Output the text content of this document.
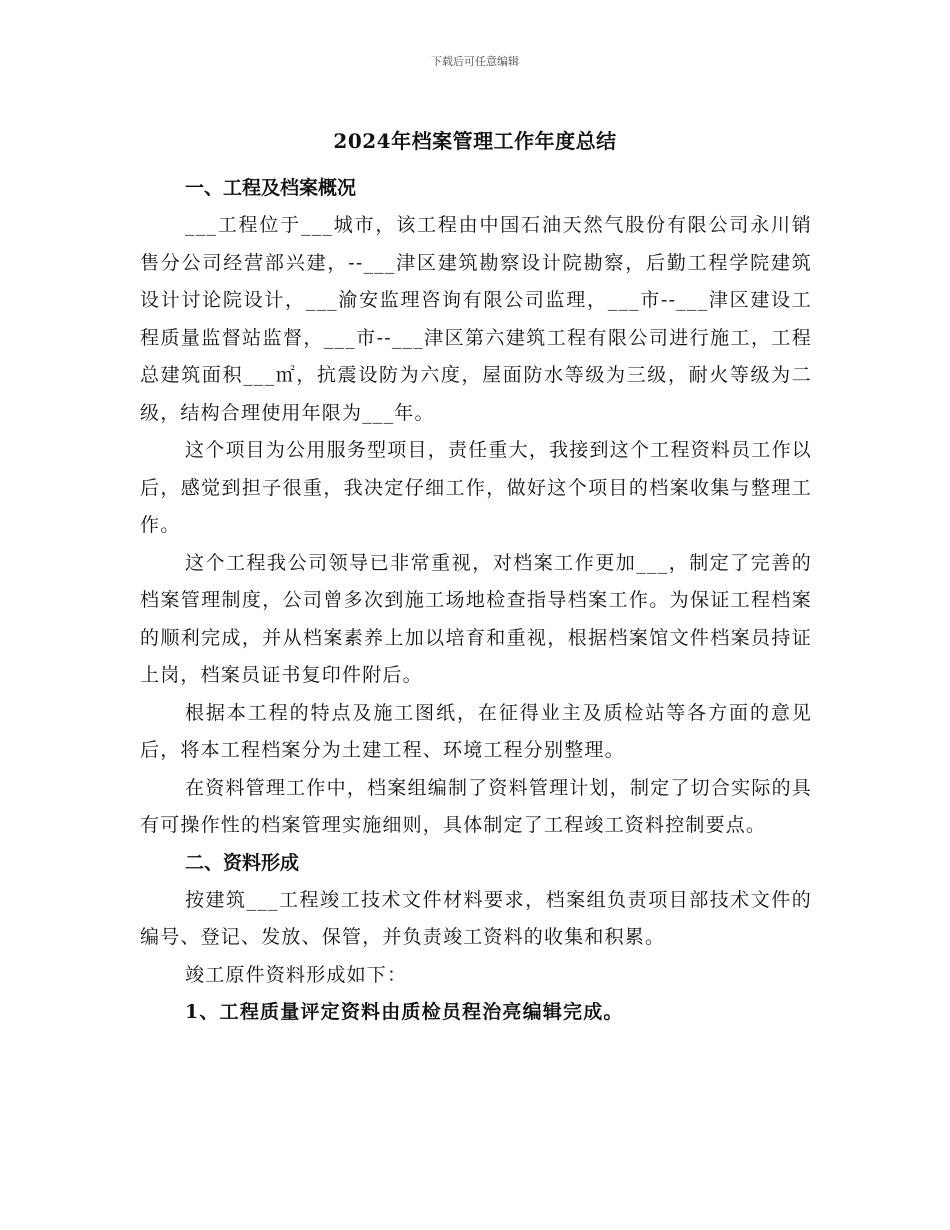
下载后可任意编辑
2024年档案管理工作年度总结
一、工程及档案概况

___工程位于___城市，该工程由中国石油天然气股份有限公司永川销售分公司经营部兴建，--___津区建筑勘察设计院勘察，后勤工程学院建筑设计讨论院设计，___渝安监理咨询有限公司监理，___市--___津区建设工程质量监督站监督，___市--___津区第六建筑工程有限公司进行施工，工程总建筑面积___㎡，抗震设防为六度，屋面防水等级为三级，耐火等级为二级，结构合理使用年限为___年。

这个项目为公用服务型项目，责任重大，我接到这个工程资料员工作以后，感觉到担子很重，我决定仔细工作，做好这个项目的档案收集与整理工作。

这个工程我公司领导已非常重视，对档案工作更加___，制定了完善的档案管理制度，公司曾多次到施工场地检查指导档案工作。为保证工程档案的顺利完成，并从档案素养上加以培育和重视，根据档案馆文件档案员持证上岗，档案员证书复印件附后。

根据本工程的特点及施工图纸，在征得业主及质检站等各方面的意见后，将本工程档案分为土建工程、环境工程分别整理。

在资料管理工作中，档案组编制了资料管理计划，制定了切合实际的具有可操作性的档案管理实施细则，具体制定了工程竣工资料控制要点。

二、资料形成

按建筑___工程竣工技术文件材料要求，档案组负责项目部技术文件的编号、登记、发放、保管，并负责竣工资料的收集和积累。

竣工原件资料形成如下：

1、工程质量评定资料由质检员程治亮编辑完成。
